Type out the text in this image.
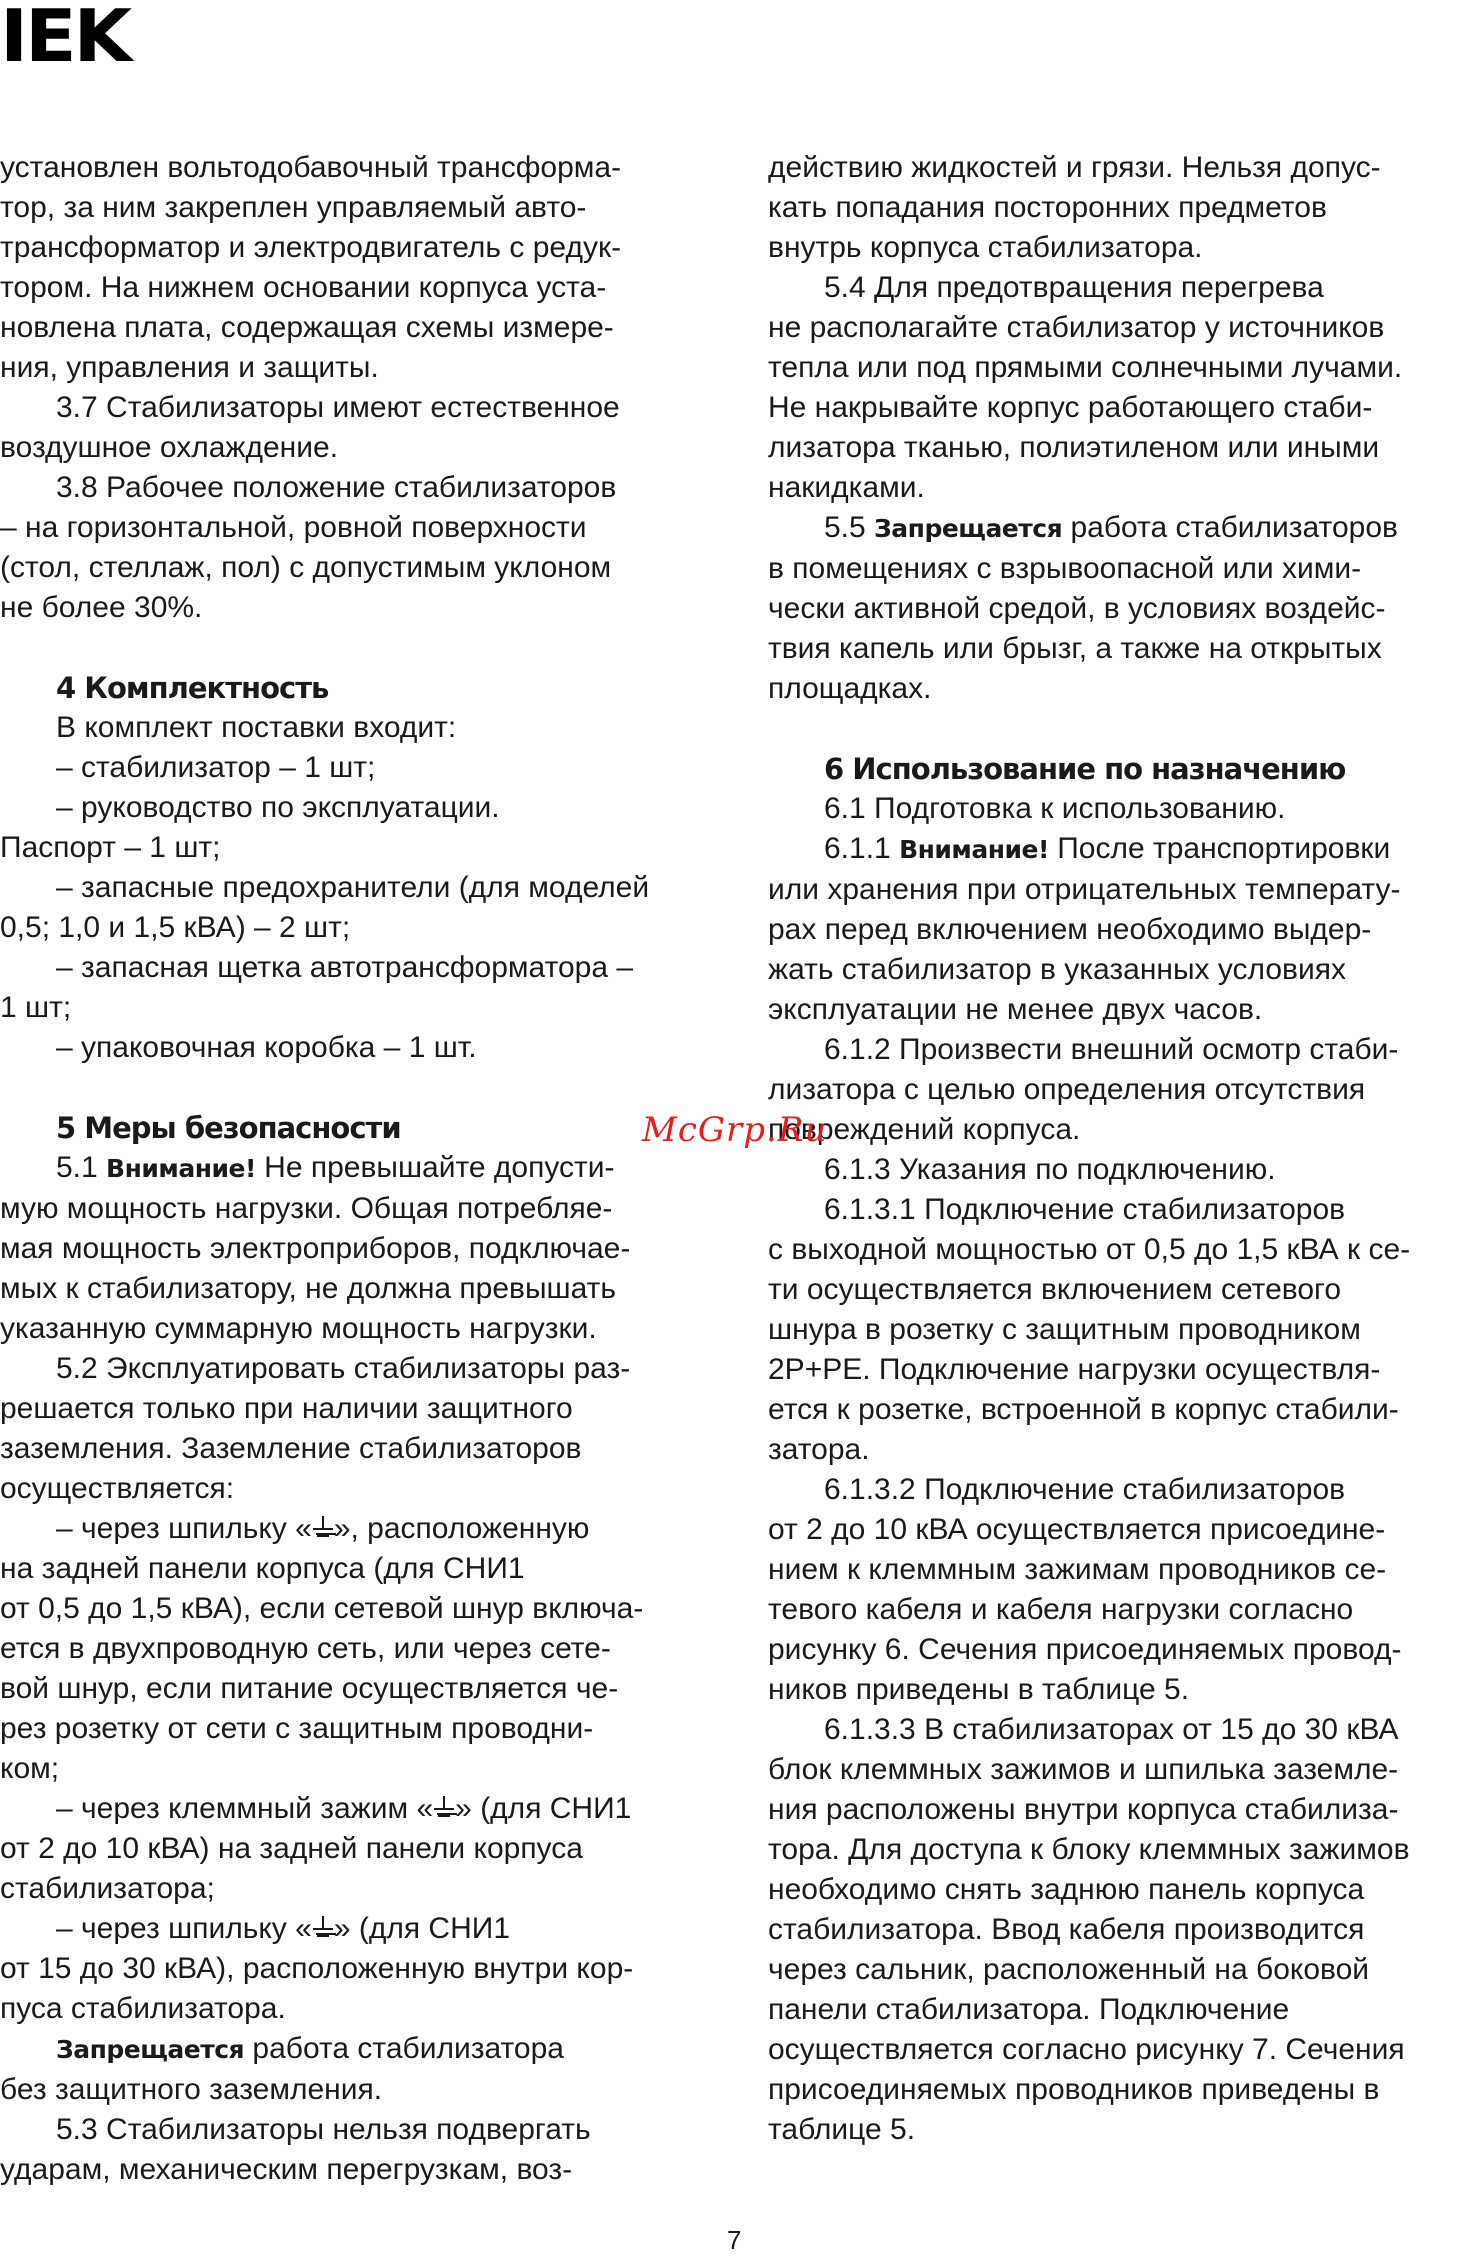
IEK

установлен вольтодобавочный трансформа-

тор, за ним закреплен управляемый авто-

трансформатор и электродвигатель с редук-

тором. На нижнем основании корпуса уста-

новлена плата, содержащая схемы измере-

ния, управления и защиты.

3.7 Стабилизаторы имеют естественное

воздушное охлаждение.

3.8 Рабочее положение стабилизаторов

– на горизонтальной, ровной поверхности

(стол, стеллаж, пол) с допустимым уклоном

не более 30%.

4 Комплектность

В комплект поставки входит:

– стабилизатор – 1 шт;

– руководство по эксплуатации.

Паспорт – 1 шт;

– запасные предохранители (для моделей

0,5; 1,0 и 1,5 кВА) – 2 шт;

– запасная щетка автотрансформатора –

1 шт;

– упаковочная коробка – 1 шт.

5 Меры безопасности

5.1 Внимание! Не превышайте допусти-

мую мощность нагрузки. Общая потребляе-

мая мощность электроприборов, подключае-

мых к стабилизатору, не должна превышать

указанную суммарную мощность нагрузки.

5.2 Эксплуатировать стабилизаторы раз-

решается только при наличии защитного

заземления. Заземление стабилизаторов

осуществляется:

– через шпильку « », расположенную

на задней панели корпуса (для СНИ1

от 0,5 до 1,5 кВА), если сетевой шнур включа-

ется в двухпроводную сеть, или через сете-

вой шнур, если питание осуществляется че-

рез розетку от сети с защитным проводни-

ком;

– через клеммный зажим « » (для СНИ1

от 2 до 10 кВА) на задней панели корпуса

стабилизатора;

– через шпильку « » (для СНИ1

от 15 до 30 кВА), расположенную внутри кор-

пуса стабилизатора.

Запрещается работа стабилизатора

без защитного заземления.

5.3 Стабилизаторы нельзя подвергать

ударам, механическим перегрузкам, воз-

действию жидкостей и грязи. Нельзя допус-

кать попадания посторонних предметов

внутрь корпуса стабилизатора.

5.4 Для предотвращения перегрева

не располагайте стабилизатор у источников

тепла или под прямыми солнечными лучами.

Не накрывайте корпус работающего стаби-

лизатора тканью, полиэтиленом или иными

накидками.

5.5 Запрещается работа стабилизаторов

в помещениях с взрывоопасной или хими-

чески активной средой, в условиях воздейс-

твия капель или брызг, а также на открытых

площадках.

6 Использование по назначению

6.1 Подготовка к использованию.

6.1.1 Внимание! После транспортировки

или хранения при отрицательных температу-

рах перед включением необходимо выдер-

жать стабилизатор в указанных условиях

эксплуатации не менее двух часов.

6.1.2 Произвести внешний осмотр стаби-

лизатора с целью определения отсутствия

повреждений корпуса.

6.1.3 Указания по подключению.

6.1.3.1 Подключение стабилизаторов

с выходной мощностью от 0,5 до 1,5 кВА к се-

ти осуществляется включением сетевого

шнура в розетку с защитным проводником

2Р+РЕ. Подключение нагрузки осуществля-

ется к розетке, встроенной в корпус стабили-

затора.

6.1.3.2 Подключение стабилизаторов

от 2 до 10 кВА осуществляется присоедине-

нием к клеммным зажимам проводников се-

тевого кабеля и кабеля нагрузки согласно

рисунку 6. Сечения присоединяемых провод-

ников приведены в таблице 5.

6.1.3.3 В стабилизаторах от 15 до 30 кВА

блок клеммных зажимов и шпилька заземле-

ния расположены внутри корпуса стабилиза-

тора. Для доступа к блоку клеммных зажимов

необходимо снять заднюю панель корпуса

стабилизатора. Ввод кабеля производится

через сальник, расположенный на боковой

панели стабилизатора. Подключение

осуществляется согласно рисунку 7. Сечения

присоединяемых проводников приведены в

таблице 5.

McGrp.Ru
7
